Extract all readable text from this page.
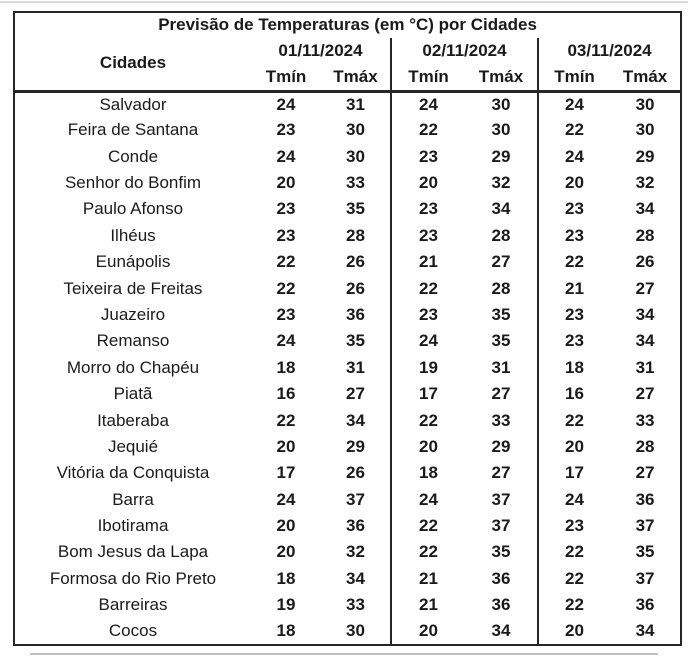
Previsão de Temperaturas (em °C) por Cidades						
Cidades	01/11/2024		02/11/2024		03/11/2024	
	Tmín	Tmáx	Tmín	Tmáx	Tmín	Tmáx
Salvador	24	31	24	30	24	30
Feira de Santana	23	30	22	30	22	30
Conde	24	30	23	29	24	29
Senhor do Bonfim	20	33	20	32	20	32
Paulo Afonso	23	35	23	34	23	34
Ilhéus	23	28	23	28	23	28
Eunápolis	22	26	21	27	22	26
Teixeira de Freitas	22	26	22	28	21	27
Juazeiro	23	36	23	35	23	34
Remanso	24	35	24	35	23	34
Morro do Chapéu	18	31	19	31	18	31
Piatã	16	27	17	27	16	27
Itaberaba	22	34	22	33	22	33
Jequié	20	29	20	29	20	28
Vitória da Conquista	17	26	18	27	17	27
Barra	24	37	24	37	24	36
Ibotirama	20	36	22	37	23	37
Bom Jesus da Lapa	20	32	22	35	22	35
Formosa do Rio Preto	18	34	21	36	22	37
Barreiras	19	33	21	36	22	36
Cocos	18	30	20	34	20	34
